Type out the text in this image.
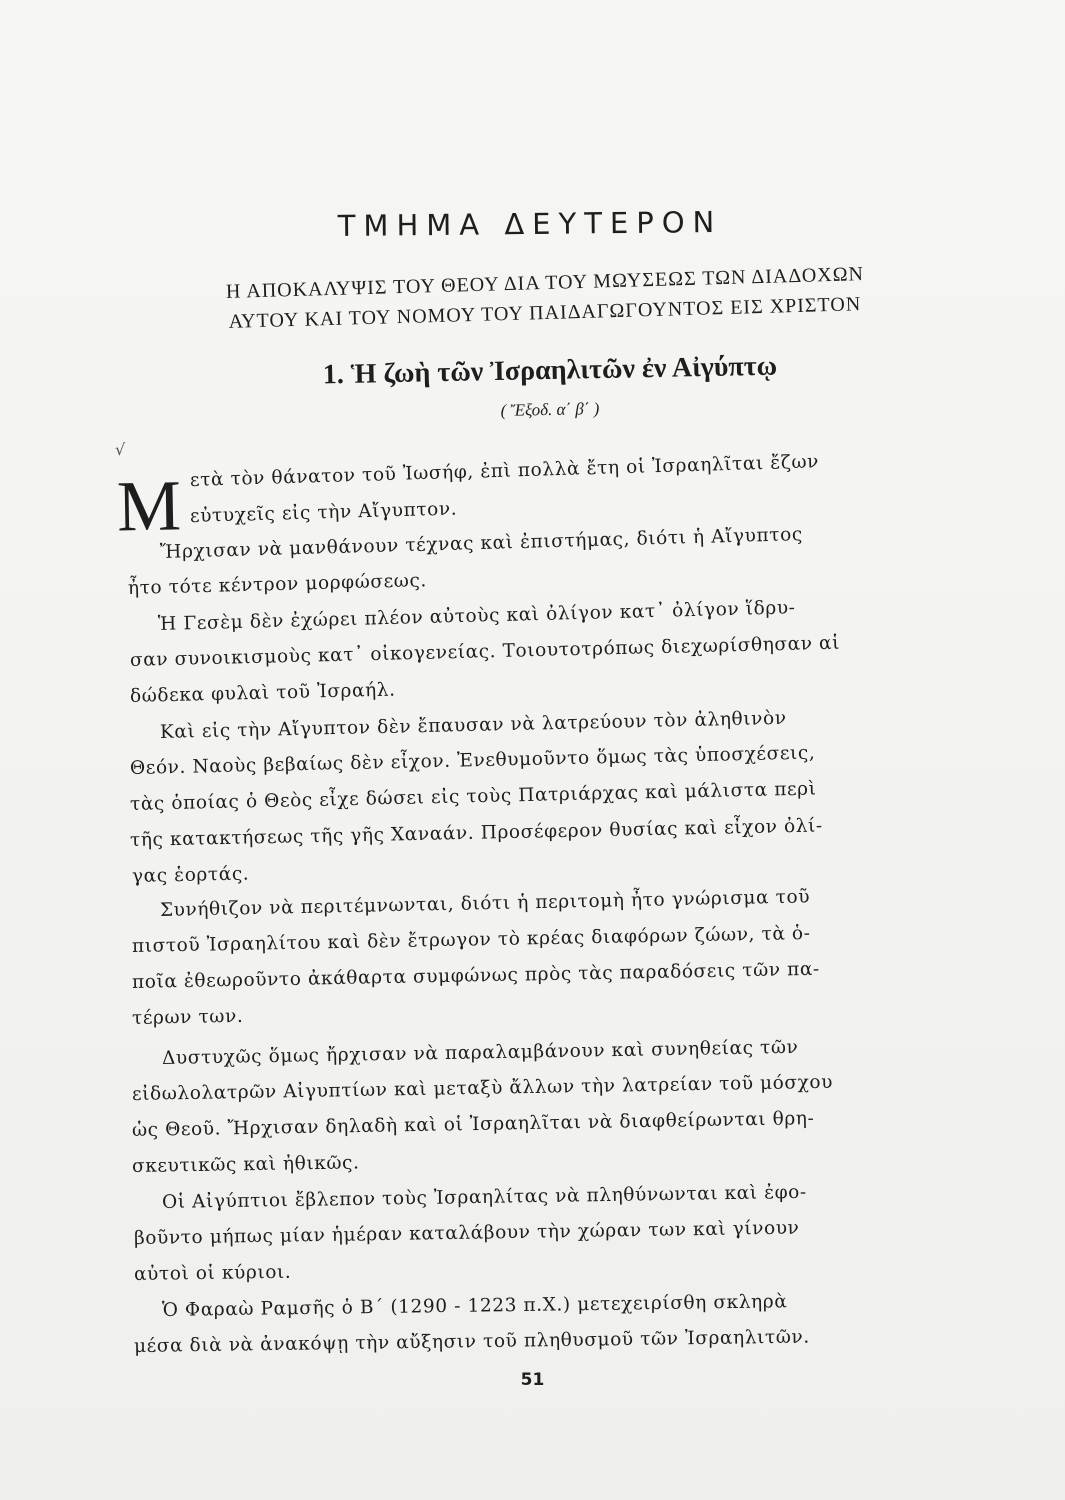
ΤΜΗΜΑ ΔΕΥΤΕΡΟΝ
Η ΑΠΟΚΑΛΥΨΙΣ ΤΟΥ ΘΕΟΥ ΔΙΑ ΤΟΥ ΜΩΥΣΕΩΣ ΤΩΝ ΔΙΑΔΟΧΩΝ
ΑΥΤΟΥ ΚΑΙ ΤΟΥ ΝΟΜΟΥ ΤΟΥ ΠΑΙΔΑΓΩΓΟΥΝΤΟΣ ΕΙΣ ΧΡΙΣΤΟΝ
1. Ἡ ζωὴ τῶν Ἰσραηλιτῶν ἐν Αἰγύπτῳ
( Ἔξοδ. α΄ β΄ )
√
Μ ετὰ τὸν θάνατον τοῦ Ἰωσήφ, ἐπὶ πολλὰ ἔτη οἱ Ἰσραηλῖται ἔζων
εὐτυχεῖς εἰς τὴν Αἴγυπτον.
Ἤρχισαν νὰ μανθάνουν τέχνας καὶ ἐπιστήμας, διότι ἡ Αἴγυπτος
ἦτο τότε κέντρον μορφώσεως.
Ἡ Γεσὲμ δὲν ἐχώρει πλέον αὐτοὺς καὶ ὀλίγον κατ᾽ ὀλίγον ἵδρυ-
σαν συνοικισμοὺς κατ᾽ οἰκογενείας. Τοιουτοτρόπως διεχωρίσθησαν αἱ
δώδεκα φυλαὶ τοῦ Ἰσραήλ.
Καὶ εἰς τὴν Αἴγυπτον δὲν ἔπαυσαν νὰ λατρεύουν τὸν ἀληθινὸν
Θεόν. Ναοὺς βεβαίως δὲν εἶχον. Ἐνεθυμοῦντο ὅμως τὰς ὑποσχέσεις,
τὰς ὁποίας ὁ Θεὸς εἶχε δώσει εἰς τοὺς Πατριάρχας καὶ μάλιστα περὶ
τῆς κατακτήσεως τῆς γῆς Χαναάν. Προσέφερον θυσίας καὶ εἶχον ὀλί-
γας ἑορτάς.
Συνήθιζον νὰ περιτέμνωνται, διότι ἡ περιτομὴ ἦτο γνώρισμα τοῦ
πιστοῦ Ἰσραηλίτου καὶ δὲν ἔτρωγον τὸ κρέας διαφόρων ζώων, τὰ ὁ-
ποῖα ἐθεωροῦντο ἀκάθαρτα συμφώνως πρὸς τὰς παραδόσεις τῶν πα-
τέρων των.
Δυστυχῶς ὅμως ἤρχισαν νὰ παραλαμβάνουν καὶ συνηθείας τῶν
εἰδωλολατρῶν Αἰγυπτίων καὶ μεταξὺ ἄλλων τὴν λατρείαν τοῦ μόσχου
ὡς Θεοῦ. Ἤρχισαν δηλαδὴ καὶ οἱ Ἰσραηλῖται νὰ διαφθείρωνται θρη-
σκευτικῶς καὶ ἠθικῶς.
Οἱ Αἰγύπτιοι ἔβλεπον τοὺς Ἰσραηλίτας νὰ πληθύνωνται καὶ ἐφο-
βοῦντο μήπως μίαν ἡμέραν καταλάβουν τὴν χώραν των καὶ γίνουν
αὐτοὶ οἱ κύριοι.
Ὁ Φαραὼ Ραμσῆς ὁ Β΄ (1290 - 1223 π.Χ.) μετεχειρίσθη σκληρὰ
μέσα διὰ νὰ ἀνακόψῃ τὴν αὔξησιν τοῦ πληθυσμοῦ τῶν Ἰσραηλιτῶν.
51
